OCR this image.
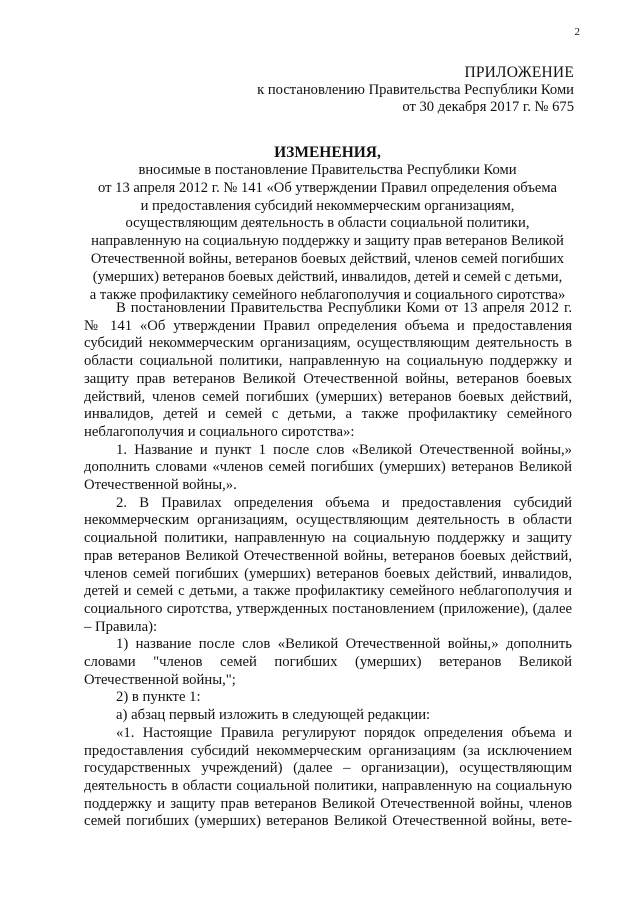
2
ПРИЛОЖЕНИЕ
к постановлению Правительства Республики Коми
от 30 декабря 2017 г. № 675
ИЗМЕНЕНИЯ,
вносимые в постановление Правительства Республики Коми
от 13 апреля 2012 г. № 141 «Об утверждении Правил определения объема
и предоставления субсидий некоммерческим организациям,
осуществляющим деятельность в области социальной политики,
направленную на социальную поддержку и защиту прав ветеранов Великой
Отечественной войны, ветеранов боевых действий, членов семей погибших
(умерших) ветеранов боевых действий, инвалидов, детей и семей с детьми,
а также профилактику семейного неблагополучия и социального сиротства»

В постановлении Правительства Республики Коми от 13 апреля 2012 г. № 141 «Об утверждении Правил определения объема и предоставления субсидий некоммерческим организациям, осуществляющим деятельность в области социальной политики, направленную на социальную поддержку и защиту прав ветеранов Великой Отечественной войны, ветеранов боевых действий, членов семей погибших (умерших) ветеранов боевых действий, инвалидов, детей и семей с детьми, а также профилактику семейного неблагополучия и социального сиротства»:

1. Название и пункт 1 после слов «Великой Отечественной войны,» дополнить словами «членов семей погибших (умерших) ветеранов Великой Отечественной войны,».

2. В Правилах определения объема и предоставления субсидий некоммерческим организациям, осуществляющим деятельность в области социальной политики, направленную на социальную поддержку и защиту прав ветеранов Великой Отечественной войны, ветеранов боевых действий, членов семей погибших (умерших) ветеранов боевых действий, инвалидов, детей и семей с детьми, а также профилактику семейного неблагополучия и социального сиротства, утвержденных постановлением (приложение), (далее – Правила):

1) название после слов «Великой Отечественной войны,» дополнить словами "членов семей погибших (умерших) ветеранов Великой Отечественной войны,";

2) в пункте 1:

а) абзац первый изложить в следующей редакции:

«1. Настоящие Правила регулируют порядок определения объема и предоставления субсидий некоммерческим организациям (за исключением государственных учреждений) (далее – организации), осуществляющим деятельность в области социальной политики, направленную на социальную поддержку и защиту прав ветеранов Великой Отечественной войны, членов семей погибших (умерших) ветеранов Великой Отечественной войны, вете-
